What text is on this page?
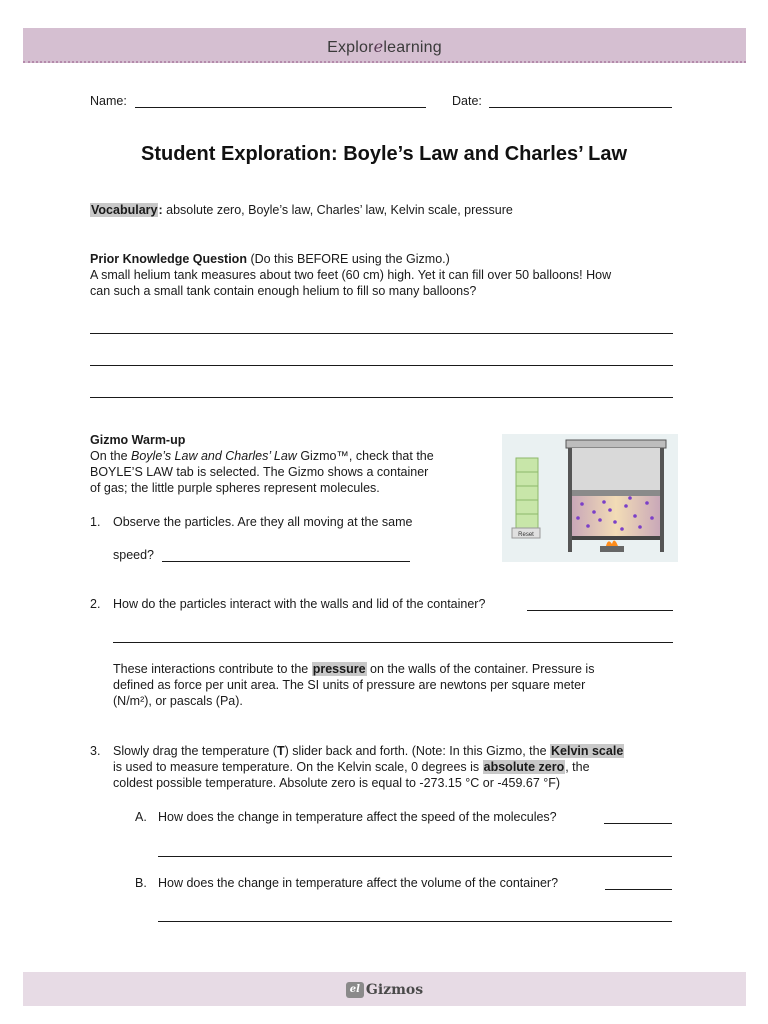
Explorelearning
Name:	Date:
Student Exploration: Boyle’s Law and Charles’ Law
Vocabulary: absolute zero, Boyle’s law, Charles’ law, Kelvin scale, pressure
Prior Knowledge Question (Do this BEFORE using the Gizmo.)
A small helium tank measures about two feet (60 cm) high. Yet it can fill over 50 balloons! How
can such a small tank contain enough helium to fill so many balloons?
Gizmo Warm-up
On the Boyle’s Law and Charles’ Law Gizmo™, check that the
BOYLE’S LAW tab is selected. The Gizmo shows a container
of gas; the little purple spheres represent molecules.
Reset
1. Observe the particles. Are they all moving at the same
speed?
2. How do the particles interact with the walls and lid of the container?
These interactions contribute to the pressure on the walls of the container. Pressure is
defined as force per unit area. The SI units of pressure are newtons per square meter
(N/m²), or pascals (Pa).
3. Slowly drag the temperature (T) slider back and forth. (Note: In this Gizmo, the Kelvin scale
is used to measure temperature. On the Kelvin scale, 0 degrees is absolute zero, the
coldest possible temperature. Absolute zero is equal to -273.15 °C or -459.67 °F)
A. How does the change in temperature affect the speed of the molecules?
B. How does the change in temperature affect the volume of the container?
el Gizmos
